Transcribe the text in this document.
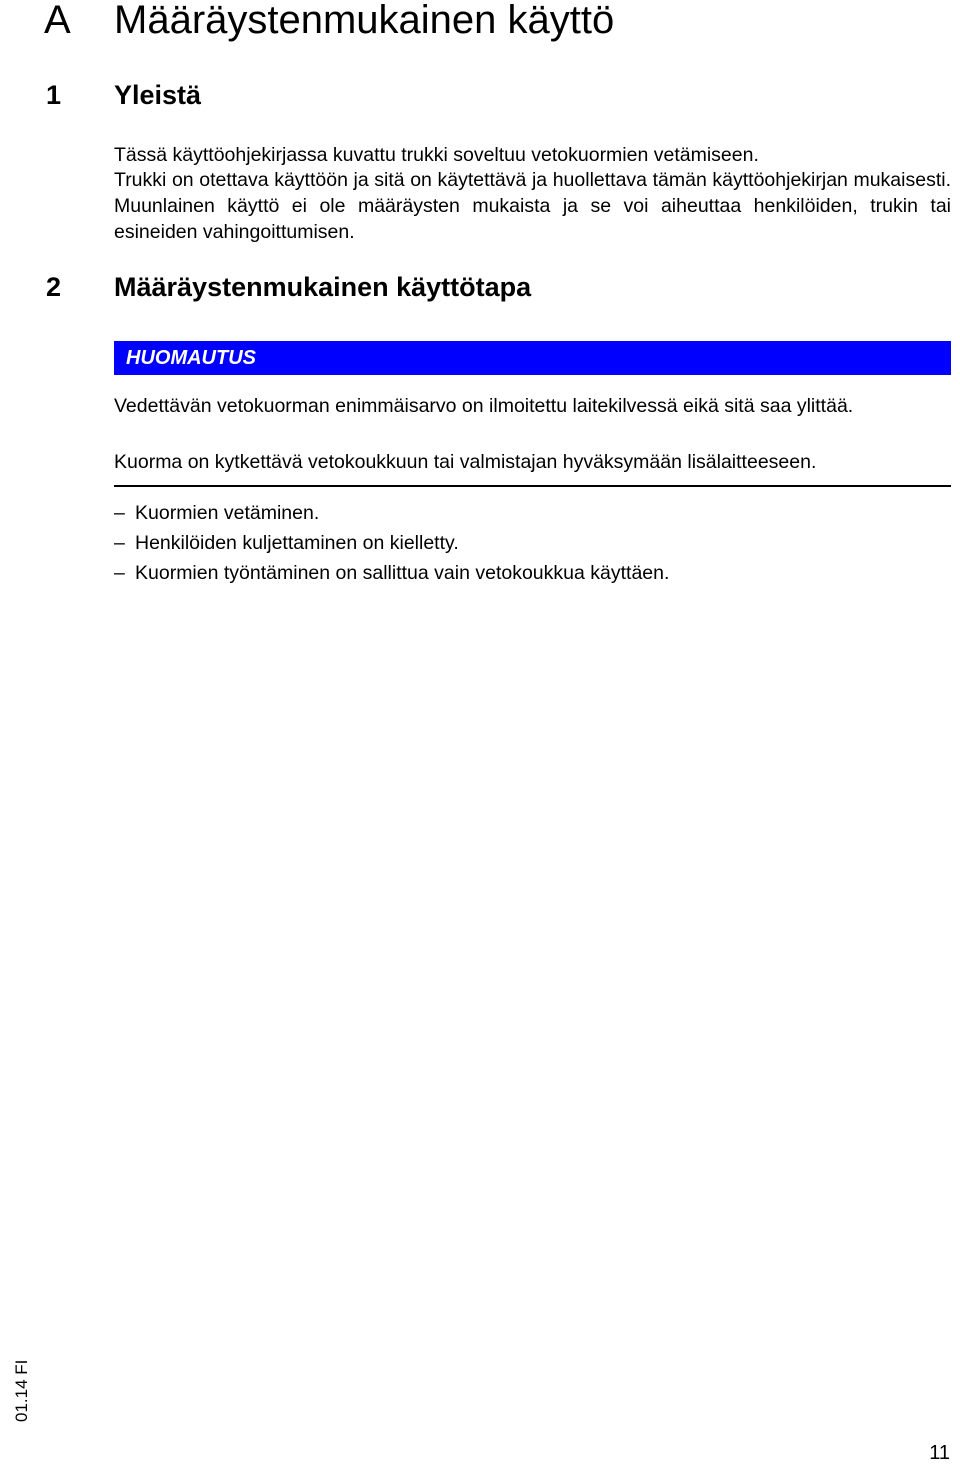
A Määräystenmukainen käyttö
1 Yleistä
Tässä käyttöohjekirjassa kuvattu trukki soveltuu vetokuormien vetämiseen.
Trukki on otettava käyttöön ja sitä on käytettävä ja huollettava tämän käyttöohjekirjan mukaisesti. Muunlainen käyttö ei ole määräysten mukaista ja se voi aiheuttaa henkilöiden, trukin tai esineiden vahingoittumisen.
2 Määräystenmukainen käyttötapa
HUOMAUTUS
Vedettävän vetokuorman enimmäisarvo on ilmoitettu laitekilvessä eikä sitä saa ylittää.
Kuorma on kytkettävä vetokoukkuun tai valmistajan hyväksymään lisälaitteeseen.
– Kuormien vetäminen.
– Henkilöiden kuljettaminen on kielletty.
– Kuormien työntäminen on sallittua vain vetokoukkua käyttäen.
01.14 FI
11
